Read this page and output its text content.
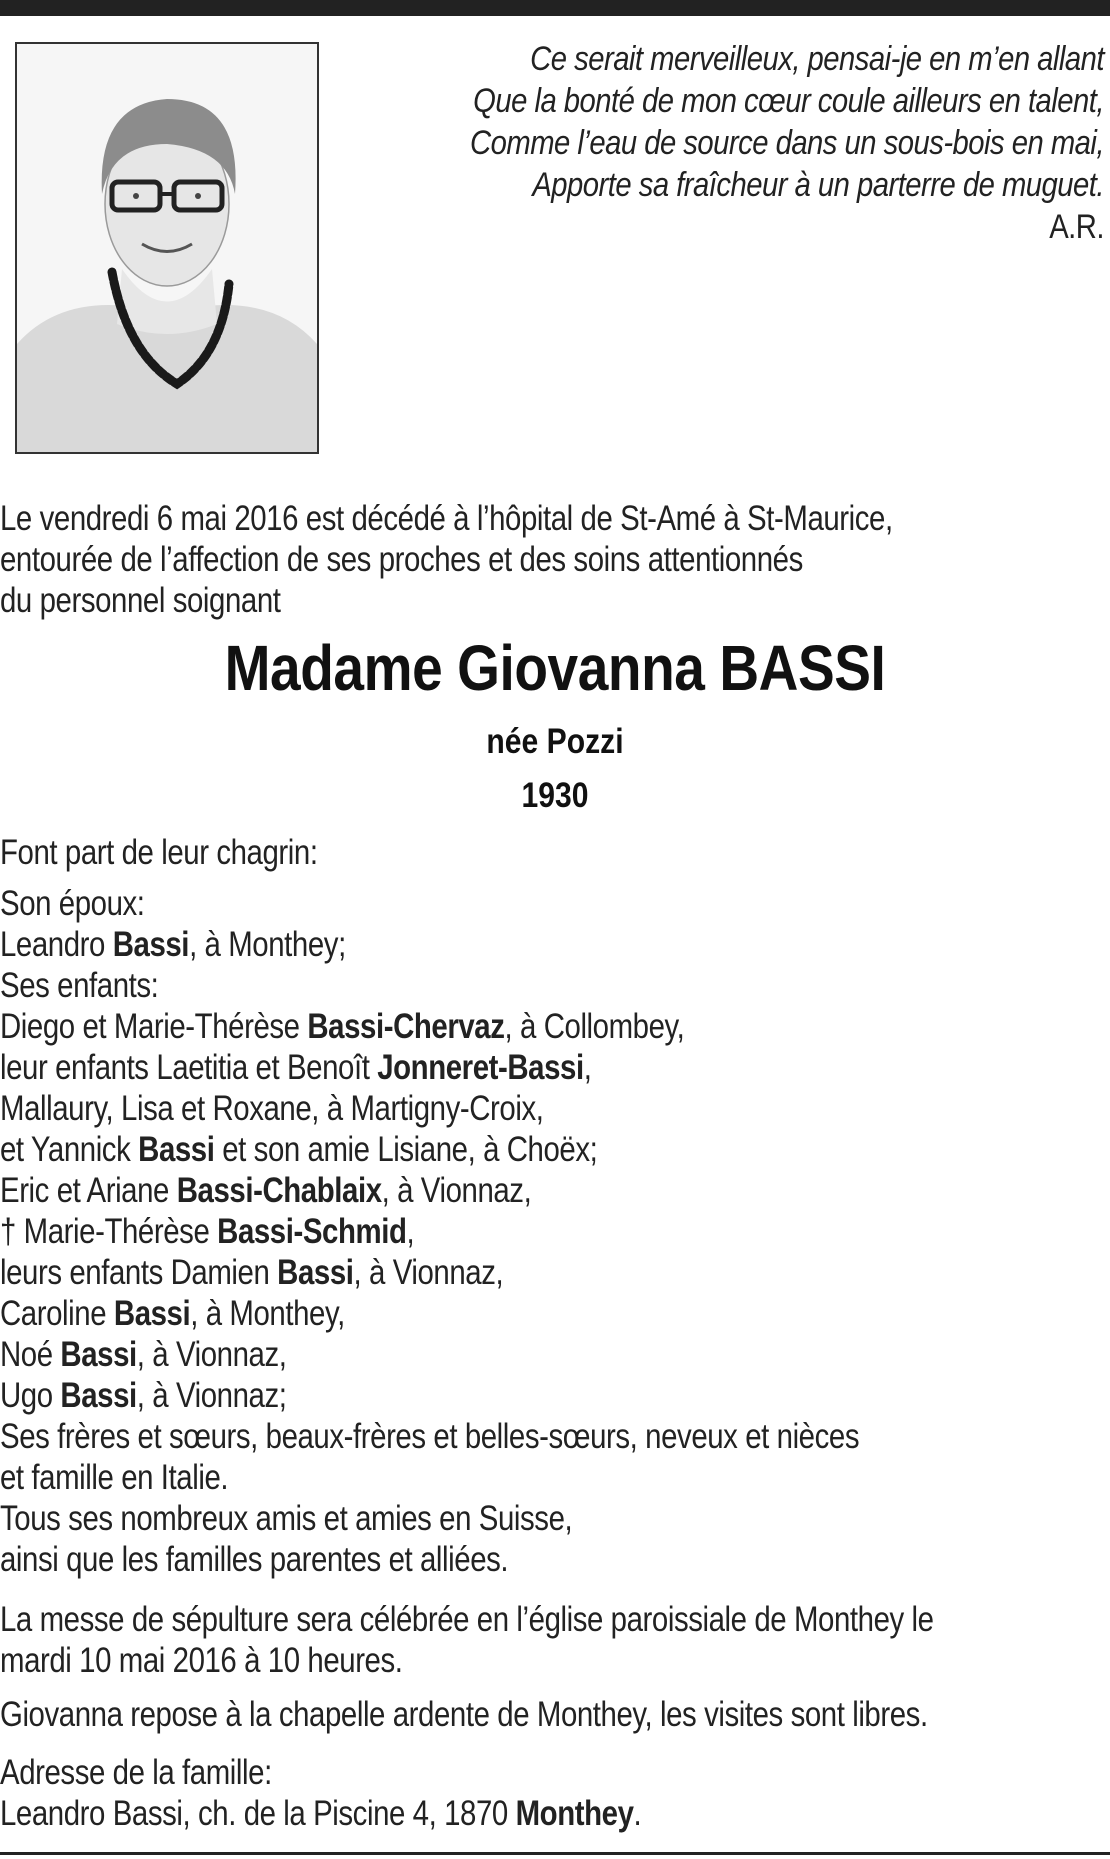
Ce serait merveilleux, pensai-je en m’en allant
Que la bonté de mon cœur coule ailleurs en talent,
Comme l’eau de source dans un sous-bois en mai,
Apporte sa fraîcheur à un parterre de muguet.
A.R.
Le vendredi 6 mai 2016 est décédé à l’hôpital de St-Amé à St-Maurice,
entourée de l’affection de ses proches et des soins attentionnés
du personnel soignant
Madame Giovanna BASSI
née Pozzi
1930
Font part de leur chagrin:
Son époux:
Leandro Bassi, à Monthey;
Ses enfants:
Diego et Marie-Thérèse Bassi-Chervaz, à Collombey,
leur enfants Laetitia et Benoît Jonneret-Bassi,
Mallaury, Lisa et Roxane, à Martigny-Croix,
et Yannick Bassi et son amie Lisiane, à Choëx;
Eric et Ariane Bassi-Chablaix, à Vionnaz,
† Marie-Thérèse Bassi-Schmid,
leurs enfants Damien Bassi, à Vionnaz,
Caroline Bassi, à Monthey,
Noé Bassi, à Vionnaz,
Ugo Bassi, à Vionnaz;
Ses frères et sœurs, beaux-frères et belles-sœurs, neveux et nièces
et famille en Italie.
Tous ses nombreux amis et amies en Suisse,
ainsi que les familles parentes et alliées.
La messe de sépulture sera célébrée en l’église paroissiale de Monthey le
mardi 10 mai 2016 à 10 heures.
Giovanna repose à la chapelle ardente de Monthey, les visites sont libres.
Adresse de la famille:
Leandro Bassi, ch. de la Piscine 4, 1870 Monthey.
